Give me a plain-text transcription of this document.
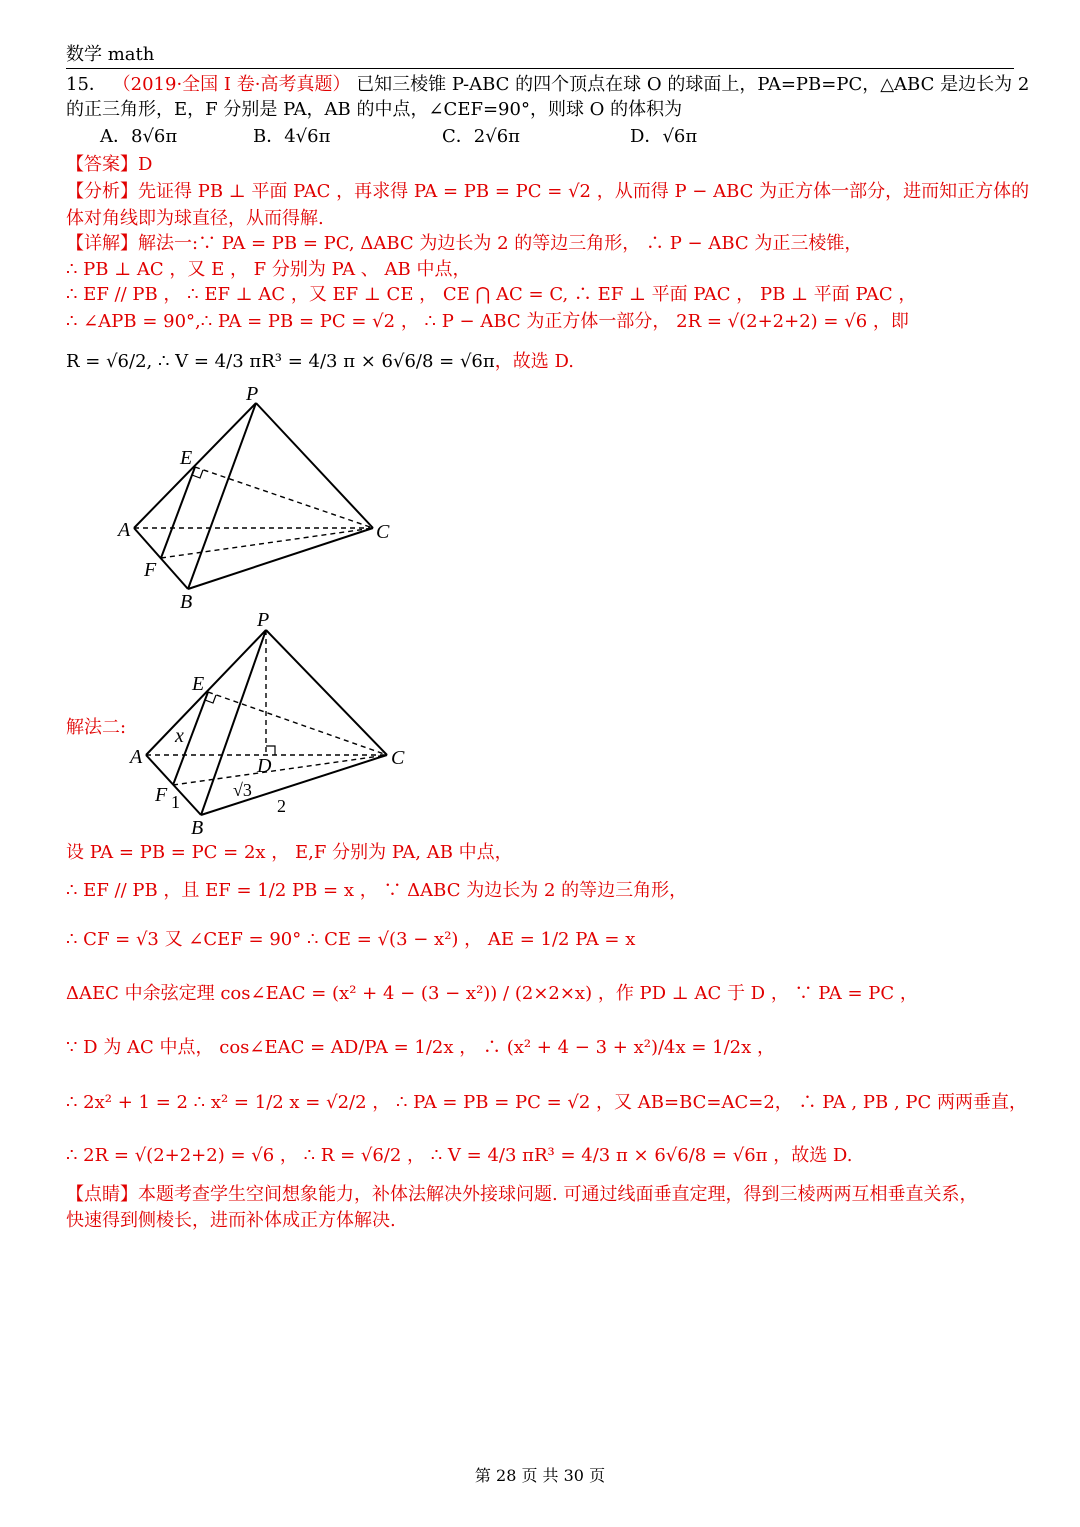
数学 math
15． （2019·全国 I 卷·高考真题） 已知三棱锥 P-ABC 的四个顶点在球 O 的球面上，PA=PB=PC，△ABC 是边长为 2
的正三角形，E，F 分别是 PA，AB 的中点，∠CEF=90°，则球 O 的体积为
A．8√6π	B．4√6π	C．2√6π	D．√6π
【答案】D
【分析】先证得 PB ⊥ 平面 PAC ，再求得 PA = PB = PC = √2 ，从而得 P − ABC 为正方体一部分，进而知正方体的
体对角线即为球直径，从而得解.
【详解】解法一:∵ PA = PB = PC, ΔABC 为边长为 2 的等边三角形， ∴ P − ABC 为正三棱锥，
∴ PB ⊥ AC ，又 E ， F 分别为 PA 、 AB 中点，
∴ EF // PB ， ∴ EF ⊥ AC ，又 EF ⊥ CE ， CE ⋂ AC = C, ∴ EF ⊥ 平面 PAC ， PB ⊥ 平面 PAC ，
∴ ∠APB = 90°,∴ PA = PB = PC = √2 ， ∴ P − ABC 为正方体一部分， 2R = √(2+2+2) = √6 ，即
R = √6/2, ∴ V = 4/3 πR³ = 4/3 π × 6√6/8 = √6π，故选 D.
P
E
A
F
B
C
解法二:
P
E
A
x
D
F
B
C
1
√3
2
设 PA = PB = PC = 2x ， E,F 分别为 PA, AB 中点，
∴ EF // PB ，且 EF = 1/2 PB = x ， ∵ ΔABC 为边长为 2 的等边三角形，
∴ CF = √3 又 ∠CEF = 90° ∴ CE = √(3 − x²) ， AE = 1/2 PA = x
ΔAEC 中余弦定理 cos∠EAC = (x² + 4 − (3 − x²)) / (2×2×x) ，作 PD ⊥ AC 于 D ， ∵ PA = PC ，
∵ D 为 AC 中点， cos∠EAC = AD/PA = 1/2x ， ∴ (x² + 4 − 3 + x²)/4x = 1/2x ，
∴ 2x² + 1 = 2 ∴ x² = 1/2 x = √2/2 ， ∴ PA = PB = PC = √2 ，又 AB=BC=AC=2， ∴ PA , PB , PC 两两垂直，
∴ 2R = √(2+2+2) = √6 ， ∴ R = √6/2 ， ∴ V = 4/3 πR³ = 4/3 π × 6√6/8 = √6π ，故选 D.
【点睛】本题考查学生空间想象能力，补体法解决外接球问题. 可通过线面垂直定理，得到三棱两两互相垂直关系，
快速得到侧棱长，进而补体成正方体解决.
第 28 页 共 30 页
